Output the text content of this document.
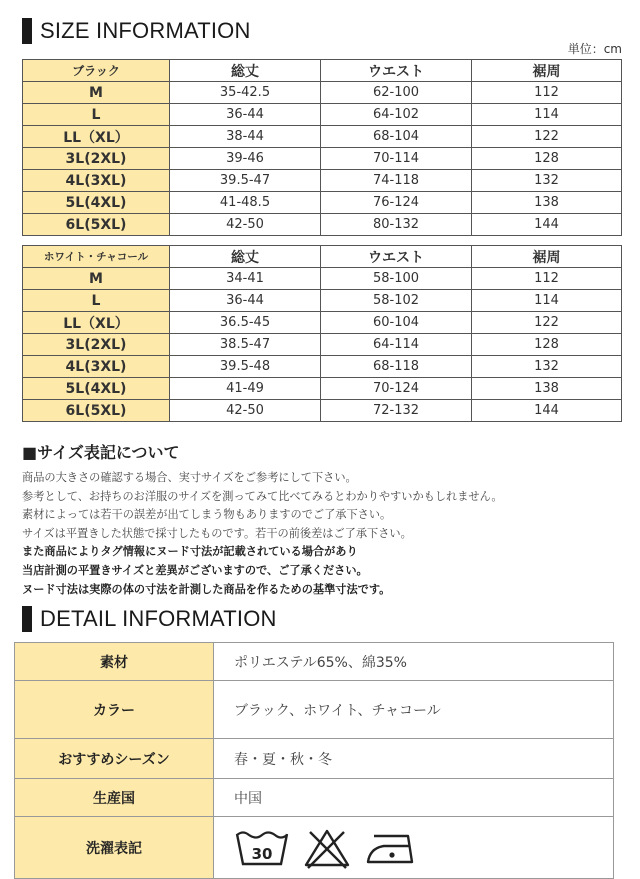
SIZE INFORMATION
単位：cm
ブラック	総丈	ウエスト	裾周
M	35-42.5	62-100	112
L	36-44	64-102	114
LL（XL）	38-44	68-104	122
3L(2XL)	39-46	70-114	128
4L(3XL)	39.5-47	74-118	132
5L(4XL)	41-48.5	76-124	138
6L(5XL)	42-50	80-132	144
ホワイト・チャコール	総丈	ウエスト	裾周
M	34-41	58-100	112
L	36-44	58-102	114
LL（XL）	36.5-45	60-104	122
3L(2XL)	38.5-47	64-114	128
4L(3XL)	39.5-48	68-118	132
5L(4XL)	41-49	70-124	138
6L(5XL)	42-50	72-132	144
■サイズ表記について
商品の大きさの確認する場合、実寸サイズをご参考にして下さい。
参考として、お持ちのお洋服のサイズを測ってみて比べてみるとわかりやすいかもしれません。
素材によっては若干の誤差が出てしまう物もありますのでご了承下さい。
サイズは平置きした状態で採寸したものです。若干の前後差はご了承下さい。
また商品によりタグ情報にヌード寸法が記載されている場合があり
当店計測の平置きサイズと差異がございますので、ご了承ください。
ヌード寸法は実際の体の寸法を計測した商品を作るための基準寸法です。
DETAIL INFORMATION
素材	ポリエステル65%、綿35%
カラー	ブラック、ホワイト、チャコール
おすすめシーズン	春・夏・秋・冬
生産国	中国
洗濯表記	30
